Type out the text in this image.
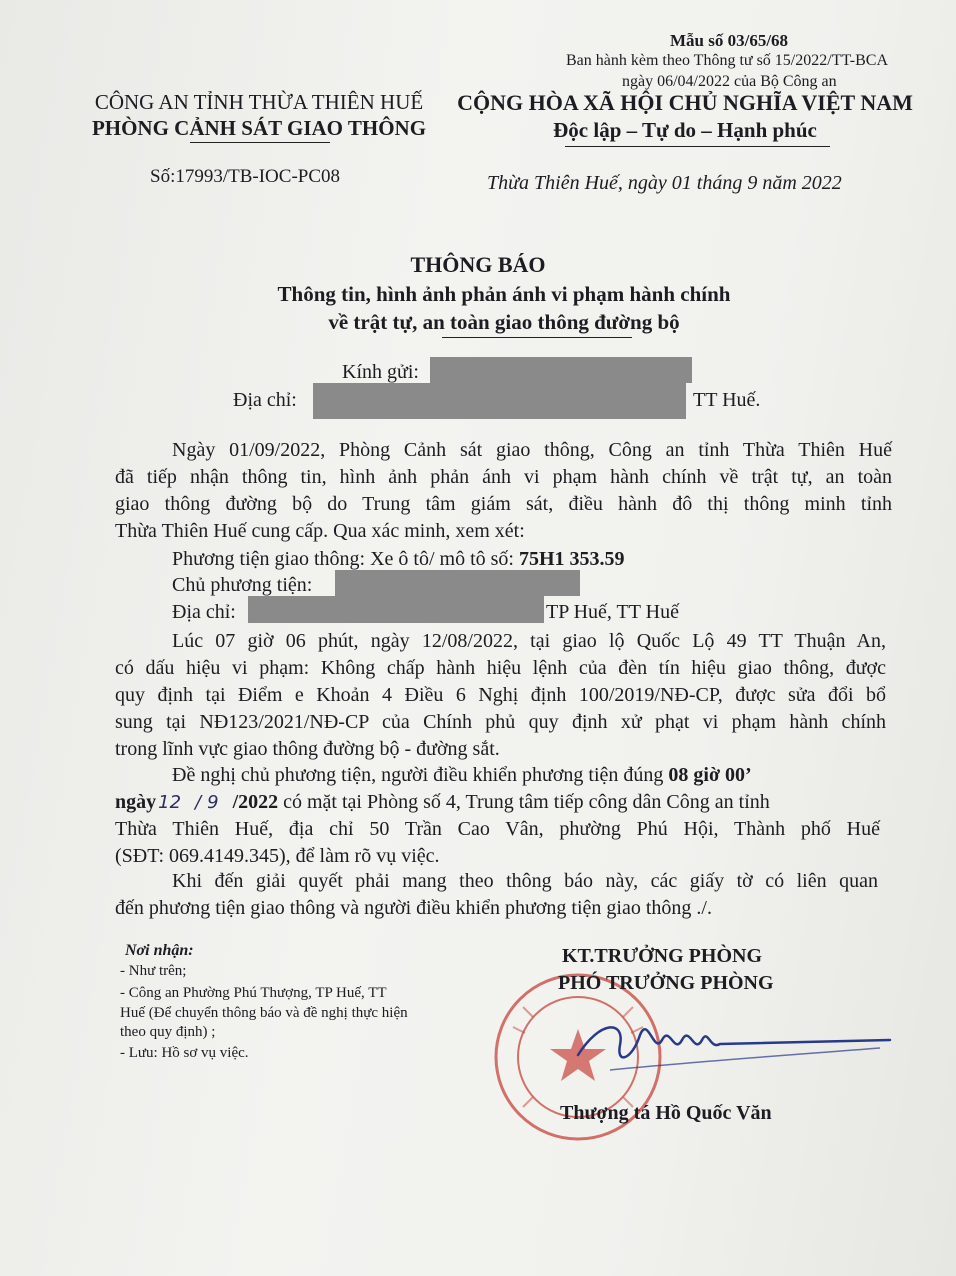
Mẫu số 03/65/68
Ban hành kèm theo Thông tư số 15/2022/TT-BCA
ngày 06/04/2022 của Bộ Công an
CÔNG AN TỈNH THỪA THIÊN HUẾ
PHÒNG CẢNH SÁT GIAO THÔNG
CỘNG HÒA XÃ HỘI CHỦ NGHĨA VIỆT NAM
Độc lập – Tự do – Hạnh phúc
Số:17993/TB-IOC-PC08	Thừa Thiên Huế, ngày 01 tháng 9 năm 2022
THÔNG BÁO
Thông tin, hình ảnh phản ánh vi phạm hành chính
về trật tự, an toàn giao thông đường bộ
Kính gửi:
Địa chỉ:	TT Huế.
Ngày 01/09/2022, Phòng Cảnh sát giao thông, Công an tỉnh Thừa Thiên Huế
đã tiếp nhận thông tin, hình ảnh phản ánh vi phạm hành chính về trật tự, an toàn
giao thông đường bộ do Trung tâm giám sát, điều hành đô thị thông minh tỉnh
Thừa Thiên Huế cung cấp. Qua xác minh, xem xét:
Phương tiện giao thông: Xe ô tô/ mô tô số: 75H1 353.59
Chủ phương tiện:
Địa chỉ:	TP Huế, TT Huế
Lúc 07 giờ 06 phút, ngày 12/08/2022, tại giao lộ Quốc Lộ 49 TT Thuận An,
có dấu hiệu vi phạm: Không chấp hành hiệu lệnh của đèn tín hiệu giao thông, được
quy định tại Điểm e Khoản 4 Điều 6 Nghị định 100/2019/NĐ-CP, được sửa đổi bổ
sung tại NĐ123/2021/NĐ-CP của Chính phủ quy định xử phạt vi phạm hành chính
trong lĩnh vực giao thông đường bộ - đường sắt.
Đề nghị chủ phương tiện, người điều khiển phương tiện đúng 08 giờ 00’
ngày 12 / 9 /2022 có mặt tại Phòng số 4, Trung tâm tiếp công dân Công an tỉnh
Thừa Thiên Huế, địa chỉ 50 Trần Cao Vân, phường Phú Hội, Thành phố Huế
(SĐT: 069.4149.345), để làm rõ vụ việc.
Khi đến giải quyết phải mang theo thông báo này, các giấy tờ có liên quan
đến phương tiện giao thông và người điều khiển phương tiện giao thông ./.
Nơi nhận:
- Như trên;
- Công an Phường Phú Thượng, TP Huế, TT
Huế (Để chuyển thông báo và đề nghị thực hiện
theo quy định) ;
- Lưu: Hồ sơ vụ việc.
KT.TRƯỞNG PHÒNG
PHÓ TRƯỞNG PHÒNG
Thượng tá Hồ Quốc Văn
